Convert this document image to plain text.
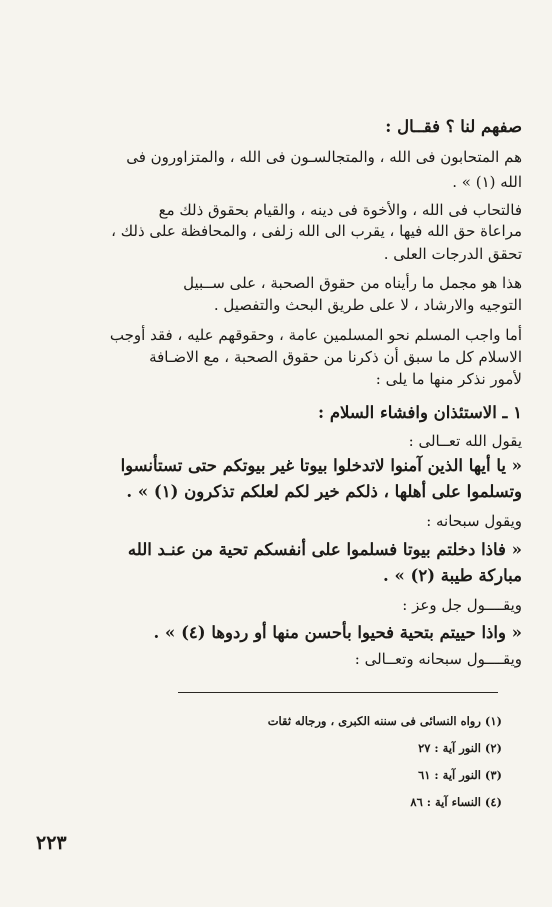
صفهم لنا ؟ فقــال :
هم المتحابون فى الله ، والمتجالسـون فى الله ، والمتزاورون فى
الله (١) » .
فالتحاب فى الله ، والأخوة فى دينه ، والقيام بحقوق ذلك مع
مراعاة حق الله فيها ، يقرب الى الله زلفى ، والمحافظة على ذلك ،
تحقق الدرجات العلى .
هذا هو مجمل ما رأيناه من حقوق الصحبة ، على ســبيل
التوجيه والارشاد ، لا على طريق البحث والتفصيل .
أما واجب المسلم نحو المسلمين عامة ، وحقوقهم عليه ، فقد أوجب
الاسلام كل ما سبق أن ذكرنا من حقوق الصحبة ، مع الاضـافة
لأمور نذكر منها ما يلى :
١ ـ الاستئذان وافشاء السلام :
يقول الله تعــالى :
« يا أيها الذين آمنوا لاتدخلوا بيوتا غير بيوتكم حتى تستأنسوا
وتسلموا على أهلها ، ذلكم خير لكم لعلكم تذكرون (١) » .
ويقول سبحانه :
« فاذا دخلتم بيوتا فسلموا على أنفسكم تحية من عنـد الله
مباركة طيبة (٢) » .
ويقــــول جل وعز :
« واذا حييتم بتحية فحيوا بأحسن منها أو ردوها (٤) » .
ويقــــول سبحانه وتعــالى :
(١) رواه النسائى فى سننه الكبرى ، ورجاله ثقات
(٢) النور آية : ٢٧
(٣) النور آية : ٦١
(٤) النساء آية : ٨٦
٢٢٣
